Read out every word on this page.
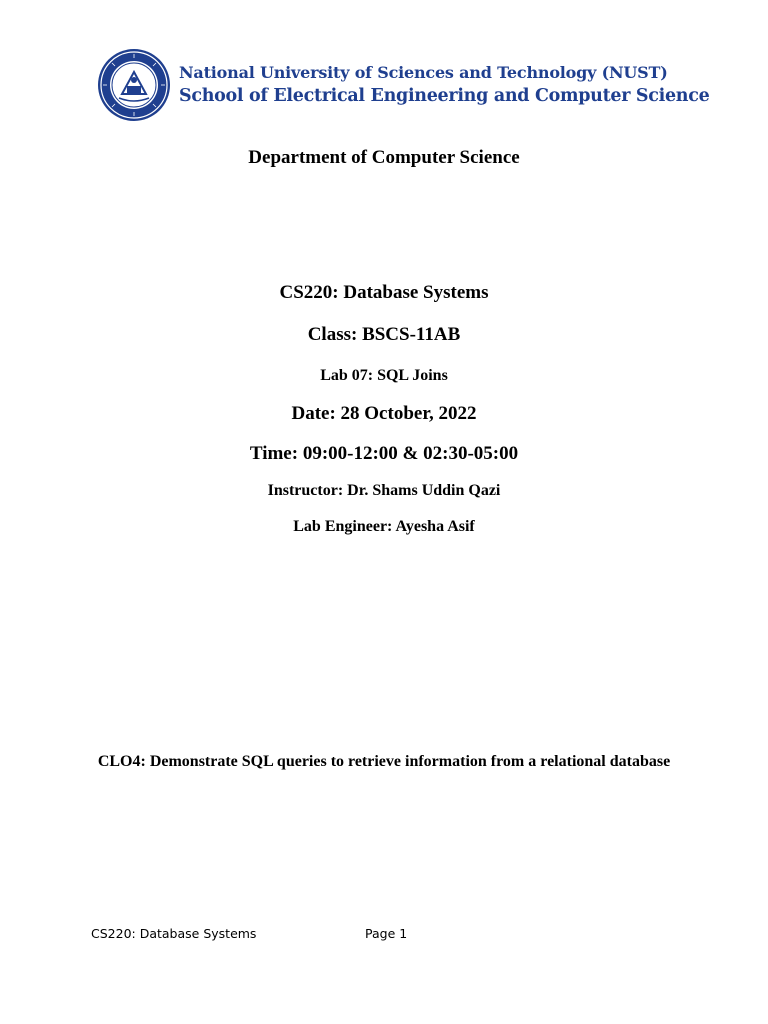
National University of Sciences and Technology (NUST)
School of Electrical Engineering and Computer Science
Department of Computer Science
CS220: Database Systems
Class: BSCS-11AB
Lab 07: SQL Joins
Date: 28 October, 2022
Time: 09:00-12:00 & 02:30-05:00
Instructor: Dr. Shams Uddin Qazi
Lab Engineer: Ayesha Asif
CLO4: Demonstrate SQL queries to retrieve information from a relational database
CS220: Database Systems	Page 1
